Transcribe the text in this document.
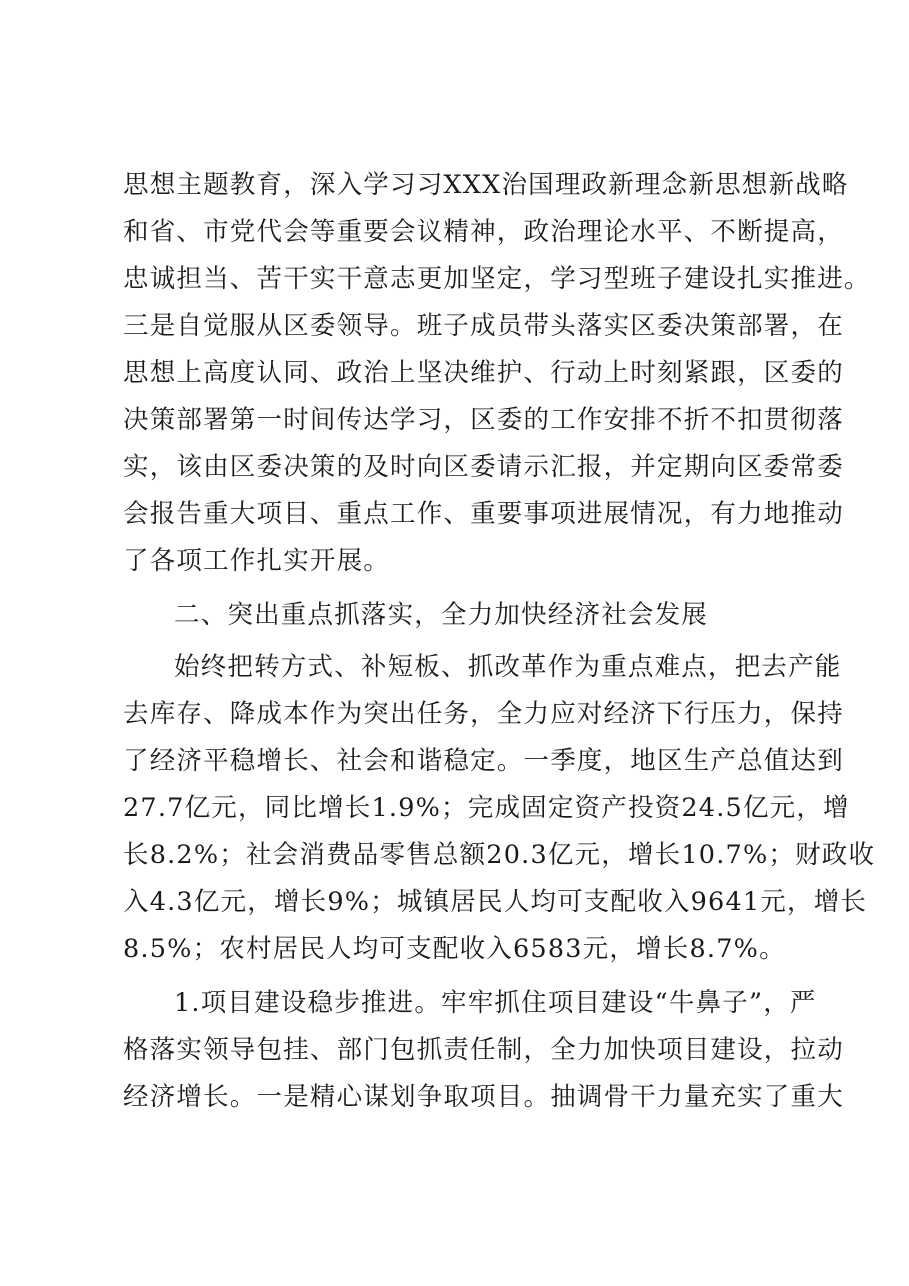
思想主题教育，深入学习习XXX治国理政新理念新思想新战略
和省、市党代会等重要会议精神，政治理论水平、不断提高，
忠诚担当、苦干实干意志更加坚定，学习型班子建设扎实推进。
三是自觉服从区委领导。班子成员带头落实区委决策部署，在
思想上高度认同、政治上坚决维护、行动上时刻紧跟，区委的
决策部署第一时间传达学习，区委的工作安排不折不扣贯彻落
实，该由区委决策的及时向区委请示汇报，并定期向区委常委
会报告重大项目、重点工作、重要事项进展情况，有力地推动
了各项工作扎实开展。
二、突出重点抓落实，全力加快经济社会发展
始终把转方式、补短板、抓改革作为重点难点，把去产能
去库存、降成本作为突出任务，全力应对经济下行压力，保持
了经济平稳增长、社会和谐稳定。一季度，地区生产总值达到
27.7亿元，同比增长1.9%；完成固定资产投资24.5亿元，增
长8.2%；社会消费品零售总额20.3亿元，增长10.7%；财政收
入4.3亿元，增长9%；城镇居民人均可支配收入9641元，增长
8.5%；农村居民人均可支配收入6583元，增长8.7%。
1.项目建设稳步推进。牢牢抓住项目建设“牛鼻子”，严
格落实领导包挂、部门包抓责任制，全力加快项目建设，拉动
经济增长。一是精心谋划争取项目。抽调骨干力量充实了重大
